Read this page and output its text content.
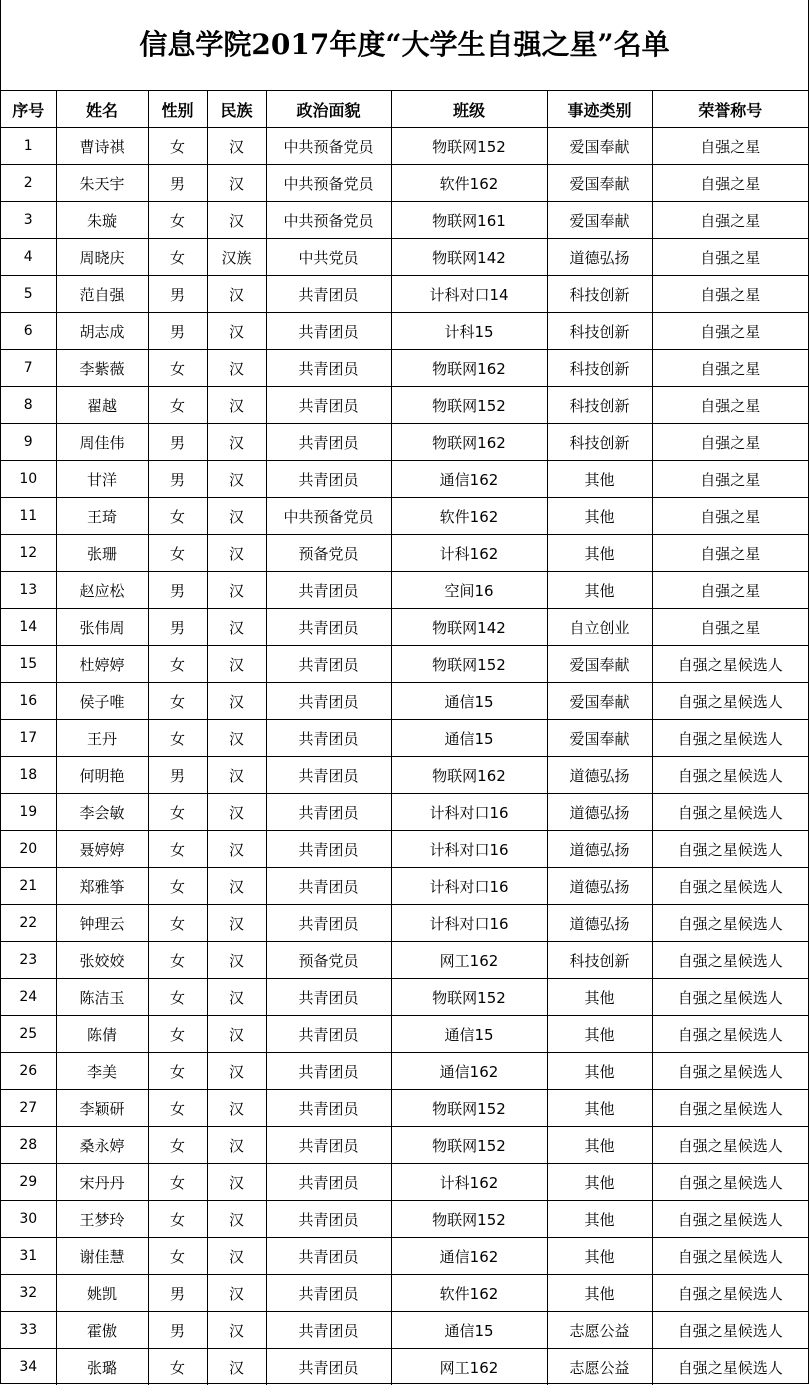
信息学院2017年度“大学生自强之星”名单
序号	姓名	性别	民族	政治面貌	班级	事迹类别	荣誉称号
1	曹诗祺	女	汉	中共预备党员	物联网152	爱国奉献	自强之星
2	朱天宇	男	汉	中共预备党员	软件162	爱国奉献	自强之星
3	朱璇	女	汉	中共预备党员	物联网161	爱国奉献	自强之星
4	周晓庆	女	汉族	中共党员	物联网142	道德弘扬	自强之星
5	范自强	男	汉	共青团员	计科对口14	科技创新	自强之星
6	胡志成	男	汉	共青团员	计科15	科技创新	自强之星
7	李紫薇	女	汉	共青团员	物联网162	科技创新	自强之星
8	翟越	女	汉	共青团员	物联网152	科技创新	自强之星
9	周佳伟	男	汉	共青团员	物联网162	科技创新	自强之星
10	甘洋	男	汉	共青团员	通信162	其他	自强之星
11	王琦	女	汉	中共预备党员	软件162	其他	自强之星
12	张珊	女	汉	预备党员	计科162	其他	自强之星
13	赵应松	男	汉	共青团员	空间16	其他	自强之星
14	张伟周	男	汉	共青团员	物联网142	自立创业	自强之星
15	杜婷婷	女	汉	共青团员	物联网152	爱国奉献	自强之星候选人
16	侯子唯	女	汉	共青团员	通信15	爱国奉献	自强之星候选人
17	王丹	女	汉	共青团员	通信15	爱国奉献	自强之星候选人
18	何明艳	男	汉	共青团员	物联网162	道德弘扬	自强之星候选人
19	李会敏	女	汉	共青团员	计科对口16	道德弘扬	自强之星候选人
20	聂婷婷	女	汉	共青团员	计科对口16	道德弘扬	自强之星候选人
21	郑雅筝	女	汉	共青团员	计科对口16	道德弘扬	自强之星候选人
22	钟理云	女	汉	共青团员	计科对口16	道德弘扬	自强之星候选人
23	张姣姣	女	汉	预备党员	网工162	科技创新	自强之星候选人
24	陈洁玉	女	汉	共青团员	物联网152	其他	自强之星候选人
25	陈倩	女	汉	共青团员	通信15	其他	自强之星候选人
26	李美	女	汉	共青团员	通信162	其他	自强之星候选人
27	李颖研	女	汉	共青团员	物联网152	其他	自强之星候选人
28	桑永婷	女	汉	共青团员	物联网152	其他	自强之星候选人
29	宋丹丹	女	汉	共青团员	计科162	其他	自强之星候选人
30	王梦玲	女	汉	共青团员	物联网152	其他	自强之星候选人
31	谢佳慧	女	汉	共青团员	通信162	其他	自强之星候选人
32	姚凯	男	汉	共青团员	软件162	其他	自强之星候选人
33	霍傲	男	汉	共青团员	通信15	志愿公益	自强之星候选人
34	张璐	女	汉	共青团员	网工162	志愿公益	自强之星候选人
